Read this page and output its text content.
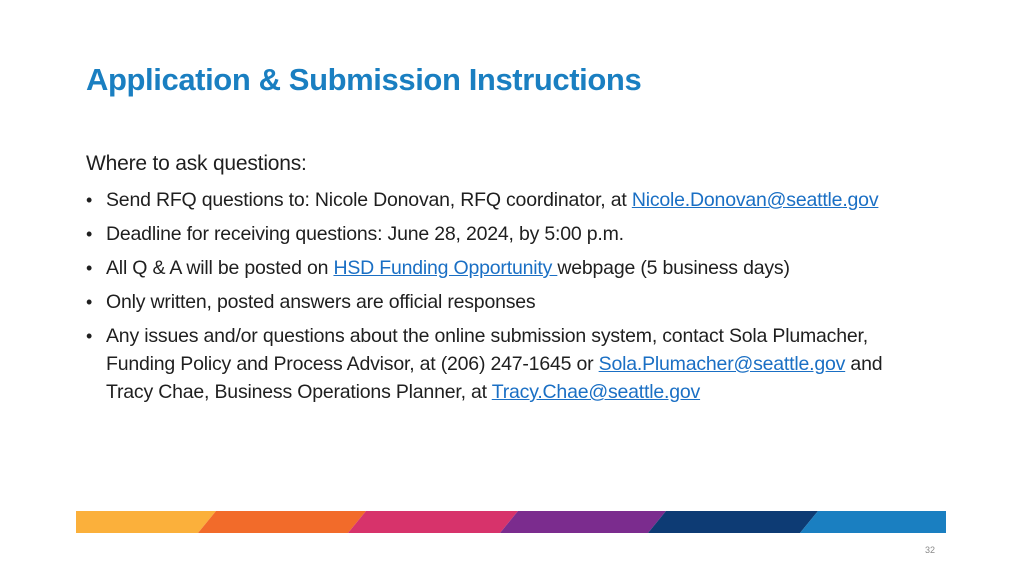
Application & Submission Instructions

Where to ask questions:

• Send RFQ questions to: Nicole Donovan, RFQ coordinator, at Nicole.Donovan@seattle.gov
• Deadline for receiving questions: June 28, 2024, by 5:00 p.m.
• All Q & A will be posted on HSD Funding Opportunity webpage (5 business days)
• Only written, posted answers are official responses
• Any issues and/or questions about the online submission system, contact Sola Plumacher, Funding Policy and Process Advisor, at (206) 247-1645 or Sola.Plumacher@seattle.gov and Tracy Chae, Business Operations Planner, at Tracy.Chae@seattle.gov
32
